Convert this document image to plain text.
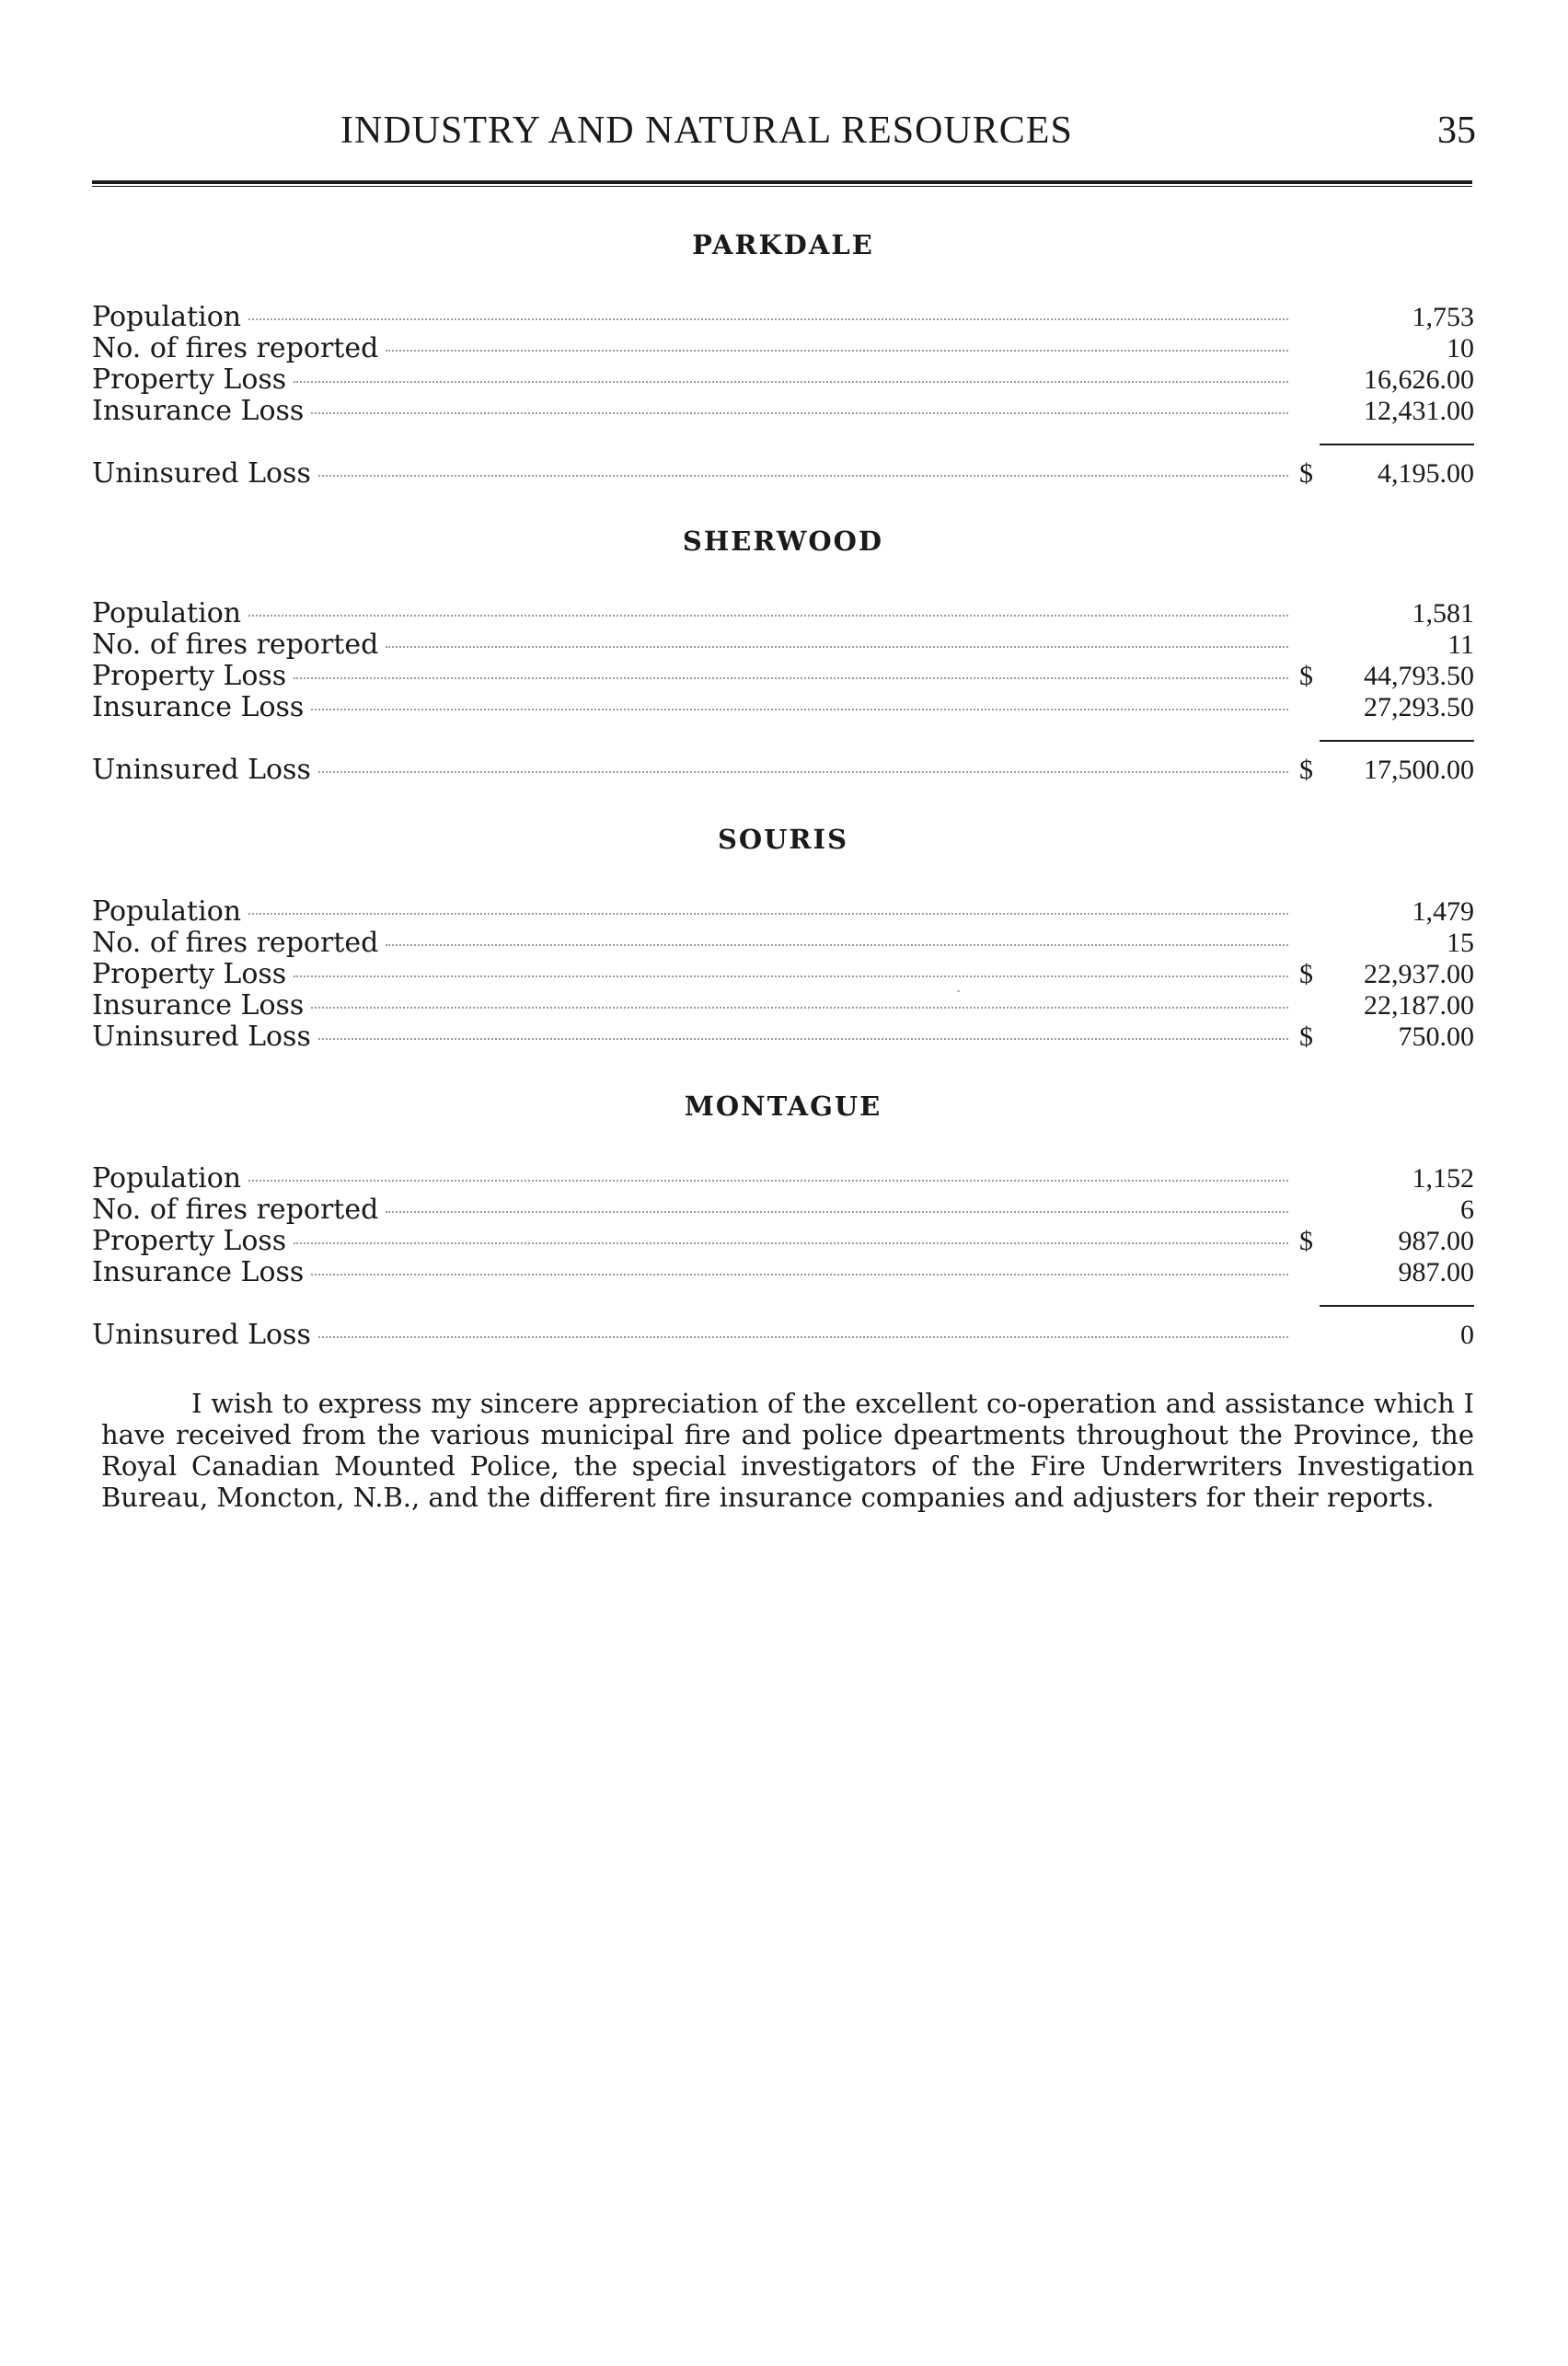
INDUSTRY AND NATURAL RESOURCES	35
PARKDALE
Population	1,753
No. of fires reported	10
Property Loss	16,626.00
Insurance Loss	12,431.00
Uninsured Loss	$	4,195.00
SHERWOOD
Population	1,581
No. of fires reported	11
Property Loss	$	44,793.50
Insurance Loss	27,293.50
Uninsured Loss	$	17,500.00
SOURIS
Population	1,479
No. of fires reported	15
Property Loss	$	22,937.00
Insurance Loss	22,187.00
Uninsured Loss	$	750.00
MONTAGUE
Population	1,152
No. of fires reported	6
Property Loss	$	987.00
Insurance Loss	987.00
Uninsured Loss	0

I wish to express my sincere appreciation of the excellent co-operation and assistance which I have received from the various municipal fire and police dpeartments throughout the Province, the Royal Canadian Mounted Police, the special investigators of the Fire Underwriters Investigation Bureau, Moncton, N.B., and the different fire insurance companies and adjusters for their reports.
